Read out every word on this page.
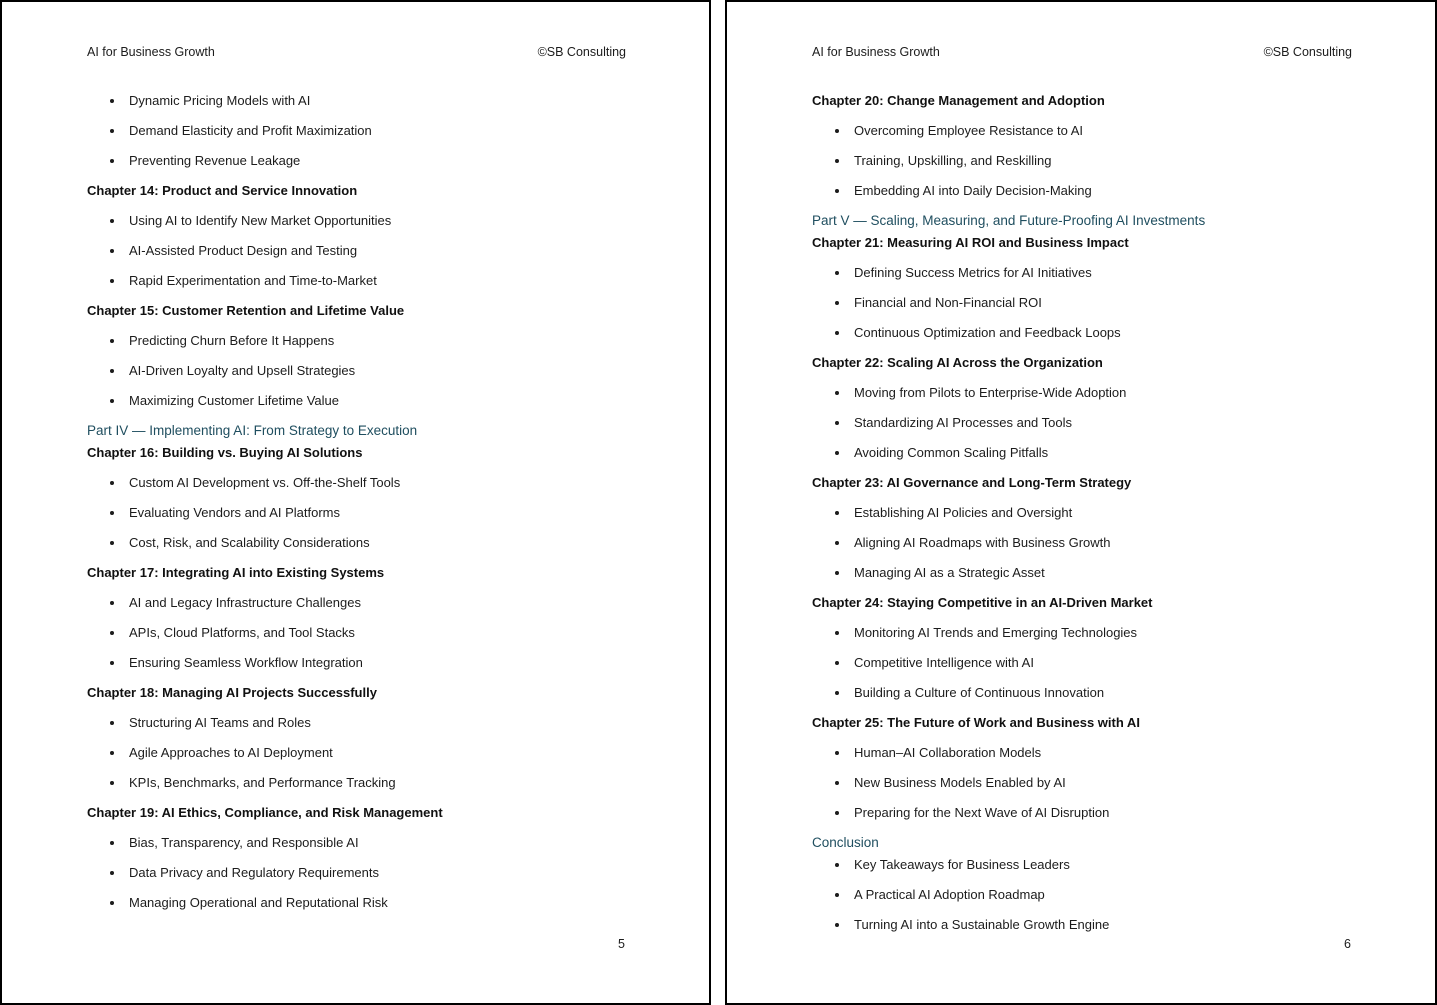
AI for Business Growth	©SB Consulting
Dynamic Pricing Models with AI
Demand Elasticity and Profit Maximization
Preventing Revenue Leakage
Chapter 14: Product and Service Innovation
Using AI to Identify New Market Opportunities
AI-Assisted Product Design and Testing
Rapid Experimentation and Time-to-Market
Chapter 15: Customer Retention and Lifetime Value
Predicting Churn Before It Happens
AI-Driven Loyalty and Upsell Strategies
Maximizing Customer Lifetime Value
Part IV — Implementing AI: From Strategy to Execution
Chapter 16: Building vs. Buying AI Solutions
Custom AI Development vs. Off-the-Shelf Tools
Evaluating Vendors and AI Platforms
Cost, Risk, and Scalability Considerations
Chapter 17: Integrating AI into Existing Systems
AI and Legacy Infrastructure Challenges
APIs, Cloud Platforms, and Tool Stacks
Ensuring Seamless Workflow Integration
Chapter 18: Managing AI Projects Successfully
Structuring AI Teams and Roles
Agile Approaches to AI Deployment
KPIs, Benchmarks, and Performance Tracking
Chapter 19: AI Ethics, Compliance, and Risk Management
Bias, Transparency, and Responsible AI
Data Privacy and Regulatory Requirements
Managing Operational and Reputational Risk
5
AI for Business Growth	©SB Consulting
Chapter 20: Change Management and Adoption
Overcoming Employee Resistance to AI
Training, Upskilling, and Reskilling
Embedding AI into Daily Decision-Making
Part V — Scaling, Measuring, and Future-Proofing AI Investments
Chapter 21: Measuring AI ROI and Business Impact
Defining Success Metrics for AI Initiatives
Financial and Non-Financial ROI
Continuous Optimization and Feedback Loops
Chapter 22: Scaling AI Across the Organization
Moving from Pilots to Enterprise-Wide Adoption
Standardizing AI Processes and Tools
Avoiding Common Scaling Pitfalls
Chapter 23: AI Governance and Long-Term Strategy
Establishing AI Policies and Oversight
Aligning AI Roadmaps with Business Growth
Managing AI as a Strategic Asset
Chapter 24: Staying Competitive in an AI-Driven Market
Monitoring AI Trends and Emerging Technologies
Competitive Intelligence with AI
Building a Culture of Continuous Innovation
Chapter 25: The Future of Work and Business with AI
Human–AI Collaboration Models
New Business Models Enabled by AI
Preparing for the Next Wave of AI Disruption
Conclusion
Key Takeaways for Business Leaders
A Practical AI Adoption Roadmap
Turning AI into a Sustainable Growth Engine
6
